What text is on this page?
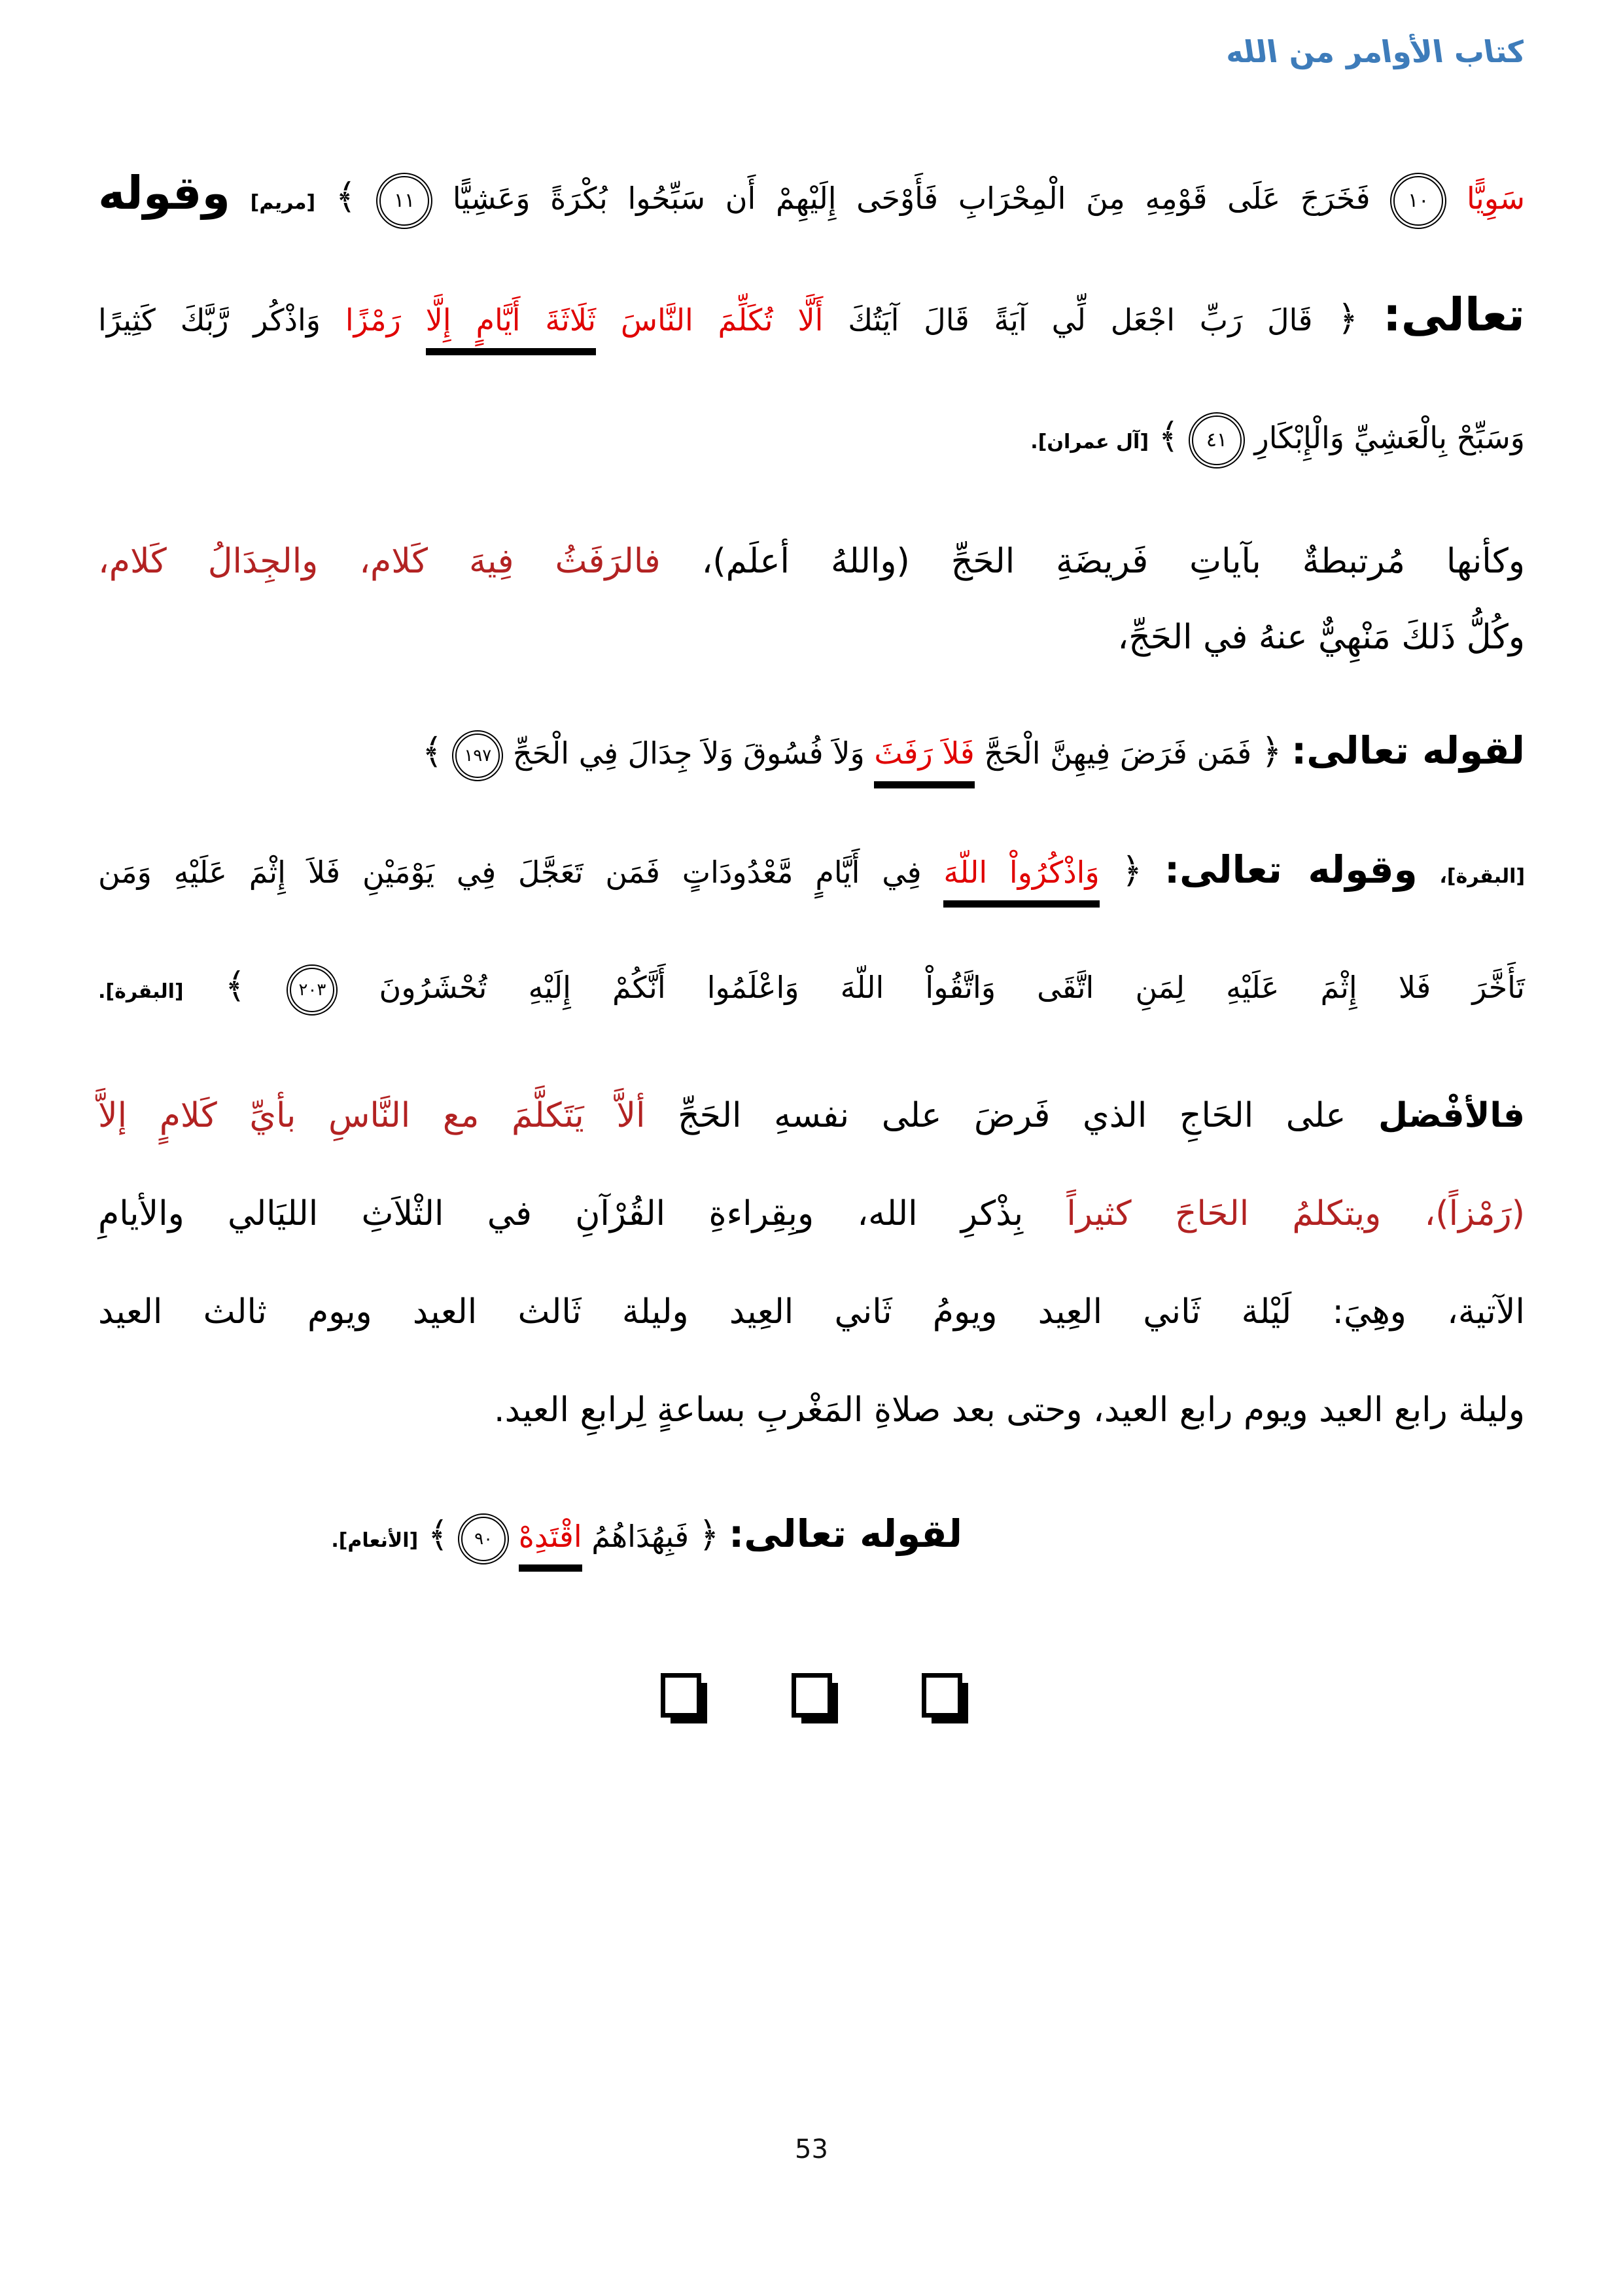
كتاب الأوامر من الله
سَوِيًّا ١٠ فَخَرَجَ عَلَى قَوْمِهِ مِنَ الْمِحْرَابِ فَأَوْحَى إِلَيْهِمْ أَن سَبِّحُوا بُكْرَةً وَعَشِيًّا ١١ ﴾ [مريم] وقوله
تعالى: ﴿ قَالَ رَبِّ اجْعَل لِّي آيَةً قَالَ آيَتُكَ أَلَّا تُكَلِّمَ النَّاسَ ثَلَاثَةَ أَيَّامٍ إِلَّا رَمْزًا وَاذْكُر رَّبَّكَ كَثِيرًا
وَسَبِّحْ بِالْعَشِيِّ وَالْإِبْكَارِ ٤١ ﴾ [آل عمران].
وكأنها مُرتبطةٌ بآياتِ فَريضَةِ الحَجِّ (واللهُ أعلَم)، فالرَفَثُ فِيهَ كَلام، والجِدَالُ كَلام،
وكُلُّ ذَلكَ مَنْهِيٌّ عنهُ في الحَجِّ،
لقوله تعالى: ﴿ فَمَن فَرَضَ فِيهِنَّ الْحَجَّ فَلاَ رَفَثَ وَلاَ فُسُوقَ وَلاَ جِدَالَ فِي الْحَجِّ ١٩٧ ﴾
[البقرة]، وقوله تعالى: ﴿ وَاذْكُرُواْ اللّهَ فِي أَيَّامٍ مَّعْدُودَاتٍ فَمَن تَعَجَّلَ فِي يَوْمَيْنِ فَلاَ إِثْمَ عَلَيْهِ وَمَن
تَأَخَّرَ فَلا إِثْمَ عَلَيْهِ لِمَنِ اتَّقَى وَاتَّقُواْ اللّهَ وَاعْلَمُوا أَنَّكُمْ إِلَيْهِ تُحْشَرُونَ ٢٠٣ ﴾ [البقرة].
فالأفْضل على الحَاجِ الذي فَرضَ على نفسهِ الحَجِّ ألاَّ يَتَكلَّمَ مع النَّاسِ بأيِّ كَلامٍ إلاَّ
(رَمْزاً)، ويتكلمُ الحَاجَ كثيراً بِذْكرِ الله، وبِقِراءةِ القُرْآنِ في الثْلاَثِ الليَالي والأيامِ
الآتية، وهِيَ: لَيْلة ثَاني العِيد ويومُ ثَاني العِيد وليلة ثَالث العيد ويوم ثالث العيد
وليلة رابع العيد ويوم رابع العيد، وحتى بعد صلاةِ المَغْربِ بساعةٍ لِرابعِ العيد.
لقوله تعالى: ﴿ فَبِهُدَاهُمُ اقْتَدِهْ ٩٠ ﴾ [الأنعام].

53
